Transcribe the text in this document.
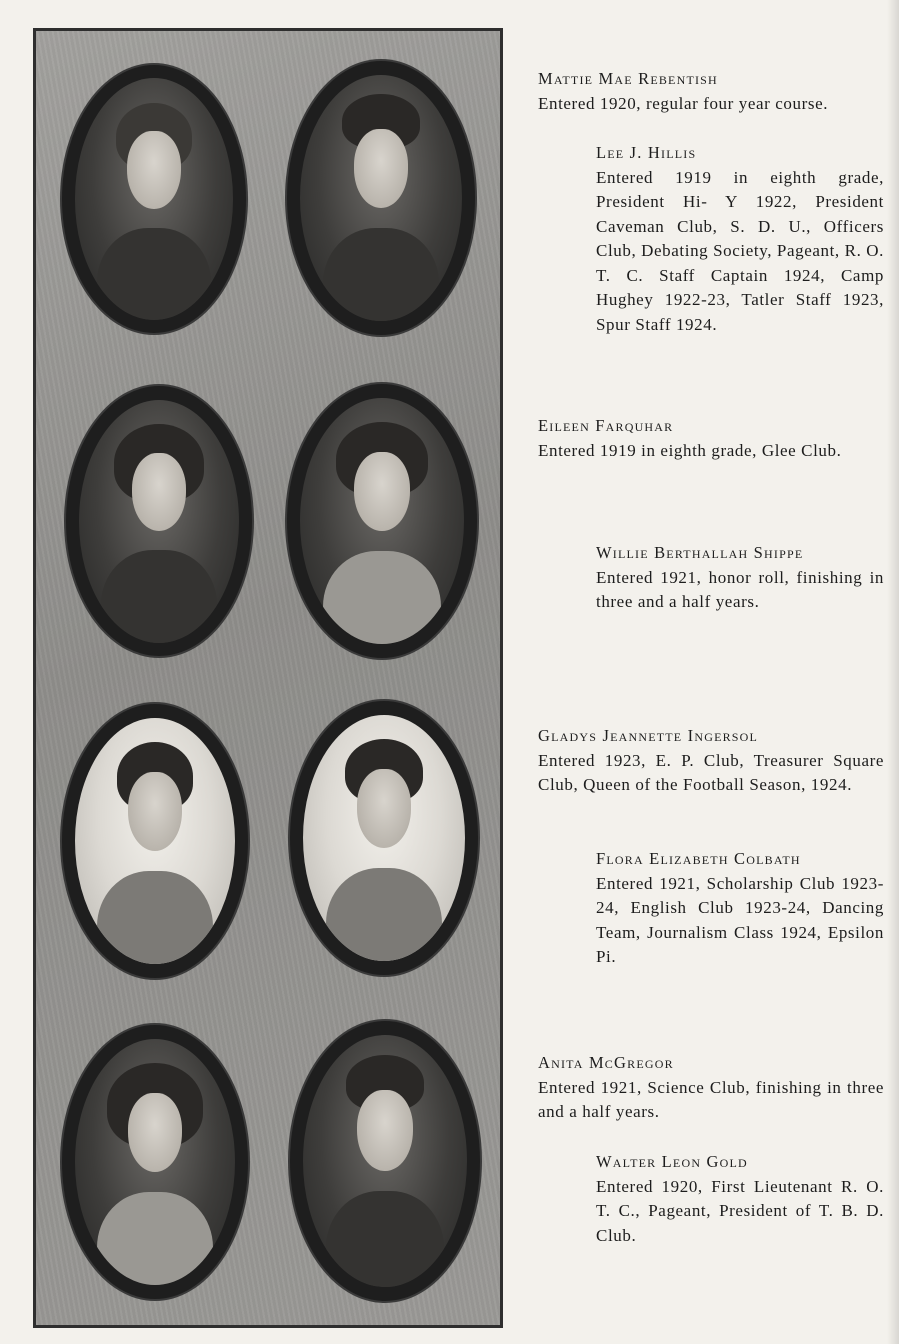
Mattie Mae Rebentish
Entered 1920, regular four year course.
Lee J. Hillis
Entered 1919 in eighth grade, President Hi- Y 1922, President Caveman Club, S. D. U., Officers Club, Debating Society, Pageant, R. O. T. C. Staff Captain 1924, Camp Hughey 1922-23, Tatler Staff 1923, Spur Staff 1924.
Eileen Farquhar
Entered 1919 in eighth grade, Glee Club.
Willie Berthallah Shippe
Entered 1921, honor roll, finishing in three and a half years.
Gladys Jeannette Ingersol
Entered 1923, E. P. Club, Treasurer Square Club, Queen of the Football Season, 1924.
Flora Elizabeth Colbath
Entered 1921, Scholarship Club 1923-24, English Club 1923-24, Dancing Team, Journalism Class 1924, Epsilon Pi.
Anita McGregor
Entered 1921, Science Club, finishing in three and a half years.
Walter Leon Gold
Entered 1920, First Lieutenant R. O. T. C., Pageant, President of T. B. D. Club.
